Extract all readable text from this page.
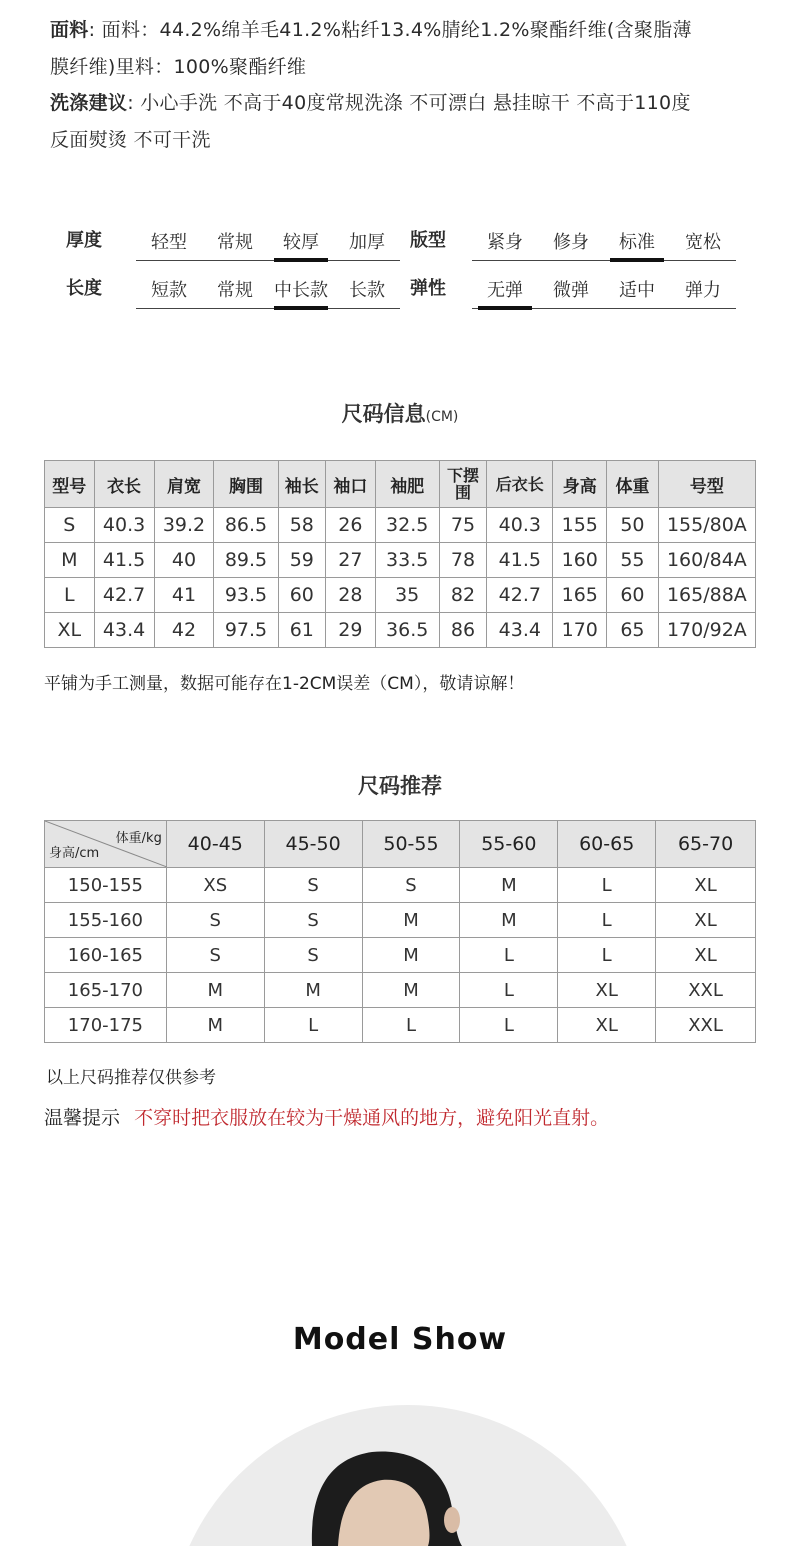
面料: 面料：44.2%绵羊毛41.2%粘纤13.4%腈纶1.2%聚酯纤维(含聚脂薄
膜纤维)里料：100%聚酯纤维
洗涤建议: 小心手洗 不高于40度常规洗涤 不可漂白 悬挂晾干 不高于110度
反面熨烫 不可干洗
厚度	轻型	常规	较厚	加厚	版型	紧身	修身	标准	宽松
长度	短款	常规	中长款	长款	弹性	无弹	微弹	适中	弹力
尺码信息(CM)
型号	衣长	肩宽	胸围	袖长	袖口	袖肥	下摆围	后衣长	身高	体重	号型
S	40.3	39.2	86.5	58	26	32.5	75	40.3	155	50	155/80A
M	41.5	40	89.5	59	27	33.5	78	41.5	160	55	160/84A
L	42.7	41	93.5	60	28	35	82	42.7	165	60	165/88A
XL	43.4	42	97.5	61	29	36.5	86	43.4	170	65	170/92A
平铺为手工测量，数据可能存在1-2CM误差（CM），敬请谅解！
尺码推荐
体重/kg
身高/cm	40-45	45-50	50-55	55-60	60-65	65-70
150-155	XS	S	S	M	L	XL
155-160	S	S	M	M	L	XL
160-165	S	S	M	L	L	XL
165-170	M	M	M	L	XL	XXL
170-175	M	L	L	L	XL	XXL
以上尺码推荐仅供参考
温馨提示 不穿时把衣服放在较为干燥通风的地方，避免阳光直射。
Model Show
